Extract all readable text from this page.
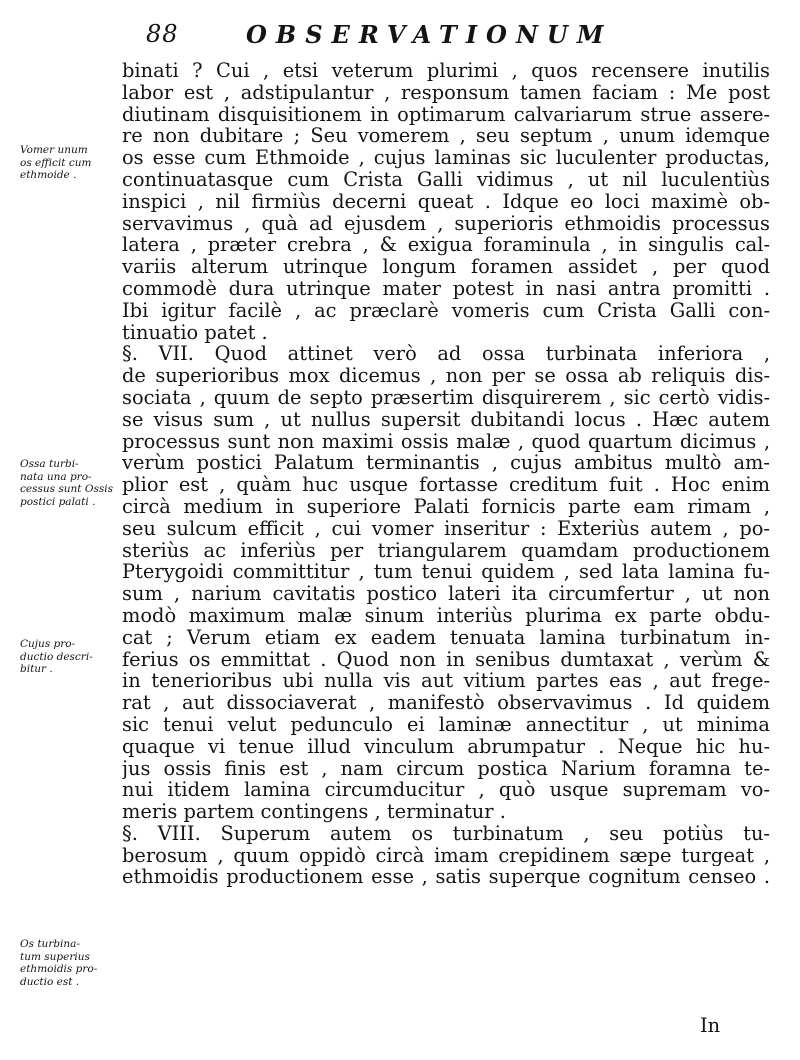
88	OBSERVATIONUM
binati ? Cui , etsi veterum plurimi , quos recensere inutilis
labor est , adstipulantur , responsum tamen faciam : Me post
diutinam disquisitionem in optimarum calvariarum strue assere-
re non dubitare ; Seu vomerem , seu septum , unum idemque
os esse cum Ethmoide , cujus laminas sic luculenter productas,
continuatasque cum Crista Galli vidimus , ut nil luculentiùs
inspici , nil firmiùs decerni queat . Idque eo loci maximè ob-
servavimus , quà ad ejusdem , superioris ethmoidis processus
latera , præter crebra , & exigua foraminula , in singulis cal-
variis alterum utrinque longum foramen assidet , per quod
commodè dura utrinque mater potest in nasi antra promitti .
Ibi igitur facilè , ac præclarè vomeris cum Crista Galli con-
tinuatio patet .
§. VII. Quod attinet verò ad ossa turbinata inferiora ,
de superioribus mox dicemus , non per se ossa ab reliquis dis-
sociata , quum de septo præsertim disquirerem , sic certò vidis-
se visus sum , ut nullus supersit dubitandi locus . Hæc autem
processus sunt non maximi ossis malæ , quod quartum dicimus ,
verùm postici Palatum terminantis , cujus ambitus multò am-
plior est , quàm huc usque fortasse creditum fuit . Hoc enim
circà medium in superiore Palati fornicis parte eam rimam ,
seu sulcum efficit , cui vomer inseritur : Exteriùs autem , po-
steriùs ac inferiùs per triangularem quamdam productionem
Pterygoidi committitur , tum tenui quidem , sed lata lamina fu-
sum , narium cavitatis postico lateri ita circumfertur , ut non
modò maximum malæ sinum interiùs plurima ex parte obdu-
cat ; Verum etiam ex eadem tenuata lamina turbinatum in-
ferius os emmittat . Quod non in senibus dumtaxat , verùm &
in tenerioribus ubi nulla vis aut vitium partes eas , aut frege-
rat , aut dissociaverat , manifestò observavimus . Id quidem
sic tenui velut pedunculo ei laminæ annectitur , ut minima
quaque vi tenue illud vinculum abrumpatur . Neque hic hu-
jus ossis finis est , nam circum postica Narium foramna te-
nui itidem lamina circumducitur , quò usque supremam vo-
meris partem contingens , terminatur .
§. VIII. Superum autem os turbinatum , seu potiùs tu-
berosum , quum oppidò circà imam crepidinem sæpe turgeat ,
ethmoidis productionem esse , satis superque cognitum censeo .
In
Vomer unum
os efficit cum
ethmoide .
Ossa turbi-
nata una pro-
cessus sunt Ossis
postici palati .
Cujus pro-
ductio descri-
bitur .
Os turbina-
tum superius
ethmoidis pro-
ductio est .
